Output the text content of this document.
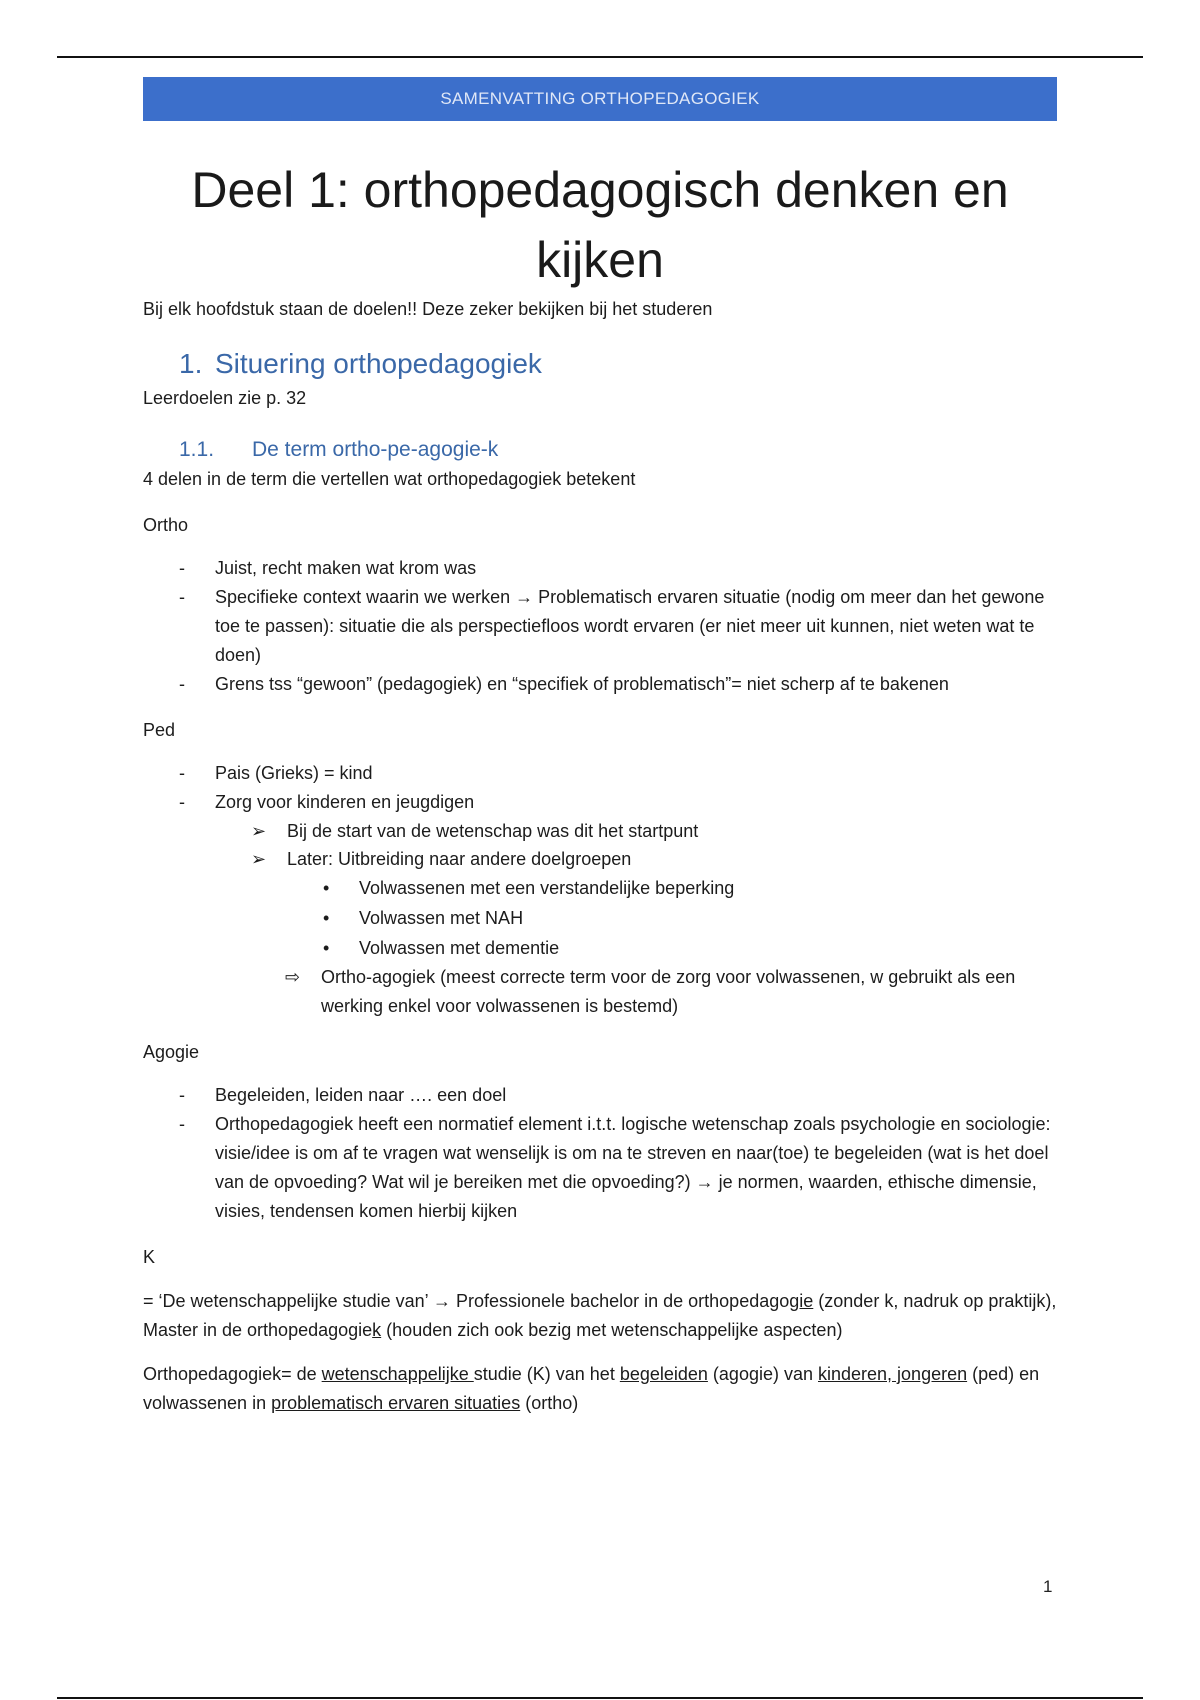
SAMENVATTING ORTHOPEDAGOGIEK
Deel 1: orthopedagogisch denken en kijken

Bij elk hoofdstuk staan de doelen!! Deze zeker bekijken bij het studeren

1. Situering orthopedagogiek

Leerdoelen zie p. 32

1.1. De term ortho-pe-agogie-k

4 delen in de term die vertellen wat orthopedagogiek betekent

Ortho

- Juist, recht maken wat krom was
- Specifieke context waarin we werken → Problematisch ervaren situatie (nodig om meer dan het gewone toe te passen): situatie die als perspectiefloos wordt ervaren (er niet meer uit kunnen, niet weten wat te doen)
- Grens tss “gewoon” (pedagogiek) en “specifiek of problematisch”= niet scherp af te bakenen

Ped

- Pais (Grieks) = kind
- Zorg voor kinderen en jeugdigen
➢ Bij de start van de wetenschap was dit het startpunt
➢ Later: Uitbreiding naar andere doelgroepen
• Volwassenen met een verstandelijke beperking
• Volwassen met NAH
• Volwassen met dementie
⇨ Ortho-agogiek (meest correcte term voor de zorg voor volwassenen, w gebruikt als een werking enkel voor volwassenen is bestemd)

Agogie

- Begeleiden, leiden naar …. een doel
- Orthopedagogiek heeft een normatief element i.t.t. logische wetenschap zoals psychologie en sociologie: visie/idee is om af te vragen wat wenselijk is om na te streven en naar(toe) te begeleiden (wat is het doel van de opvoeding? Wat wil je bereiken met die opvoeding?) → je normen, waarden, ethische dimensie, visies, tendensen komen hierbij kijken

K

= ‘De wetenschappelijke studie van’ → Professionele bachelor in de orthopedagogie (zonder k, nadruk op praktijk), Master in de orthopedagogiek (houden zich ook bezig met wetenschappelijke aspecten)

Orthopedagogiek= de wetenschappelijke studie (K) van het begeleiden (agogie) van kinderen, jongeren (ped) en volwassenen in problematisch ervaren situaties (ortho)

1
